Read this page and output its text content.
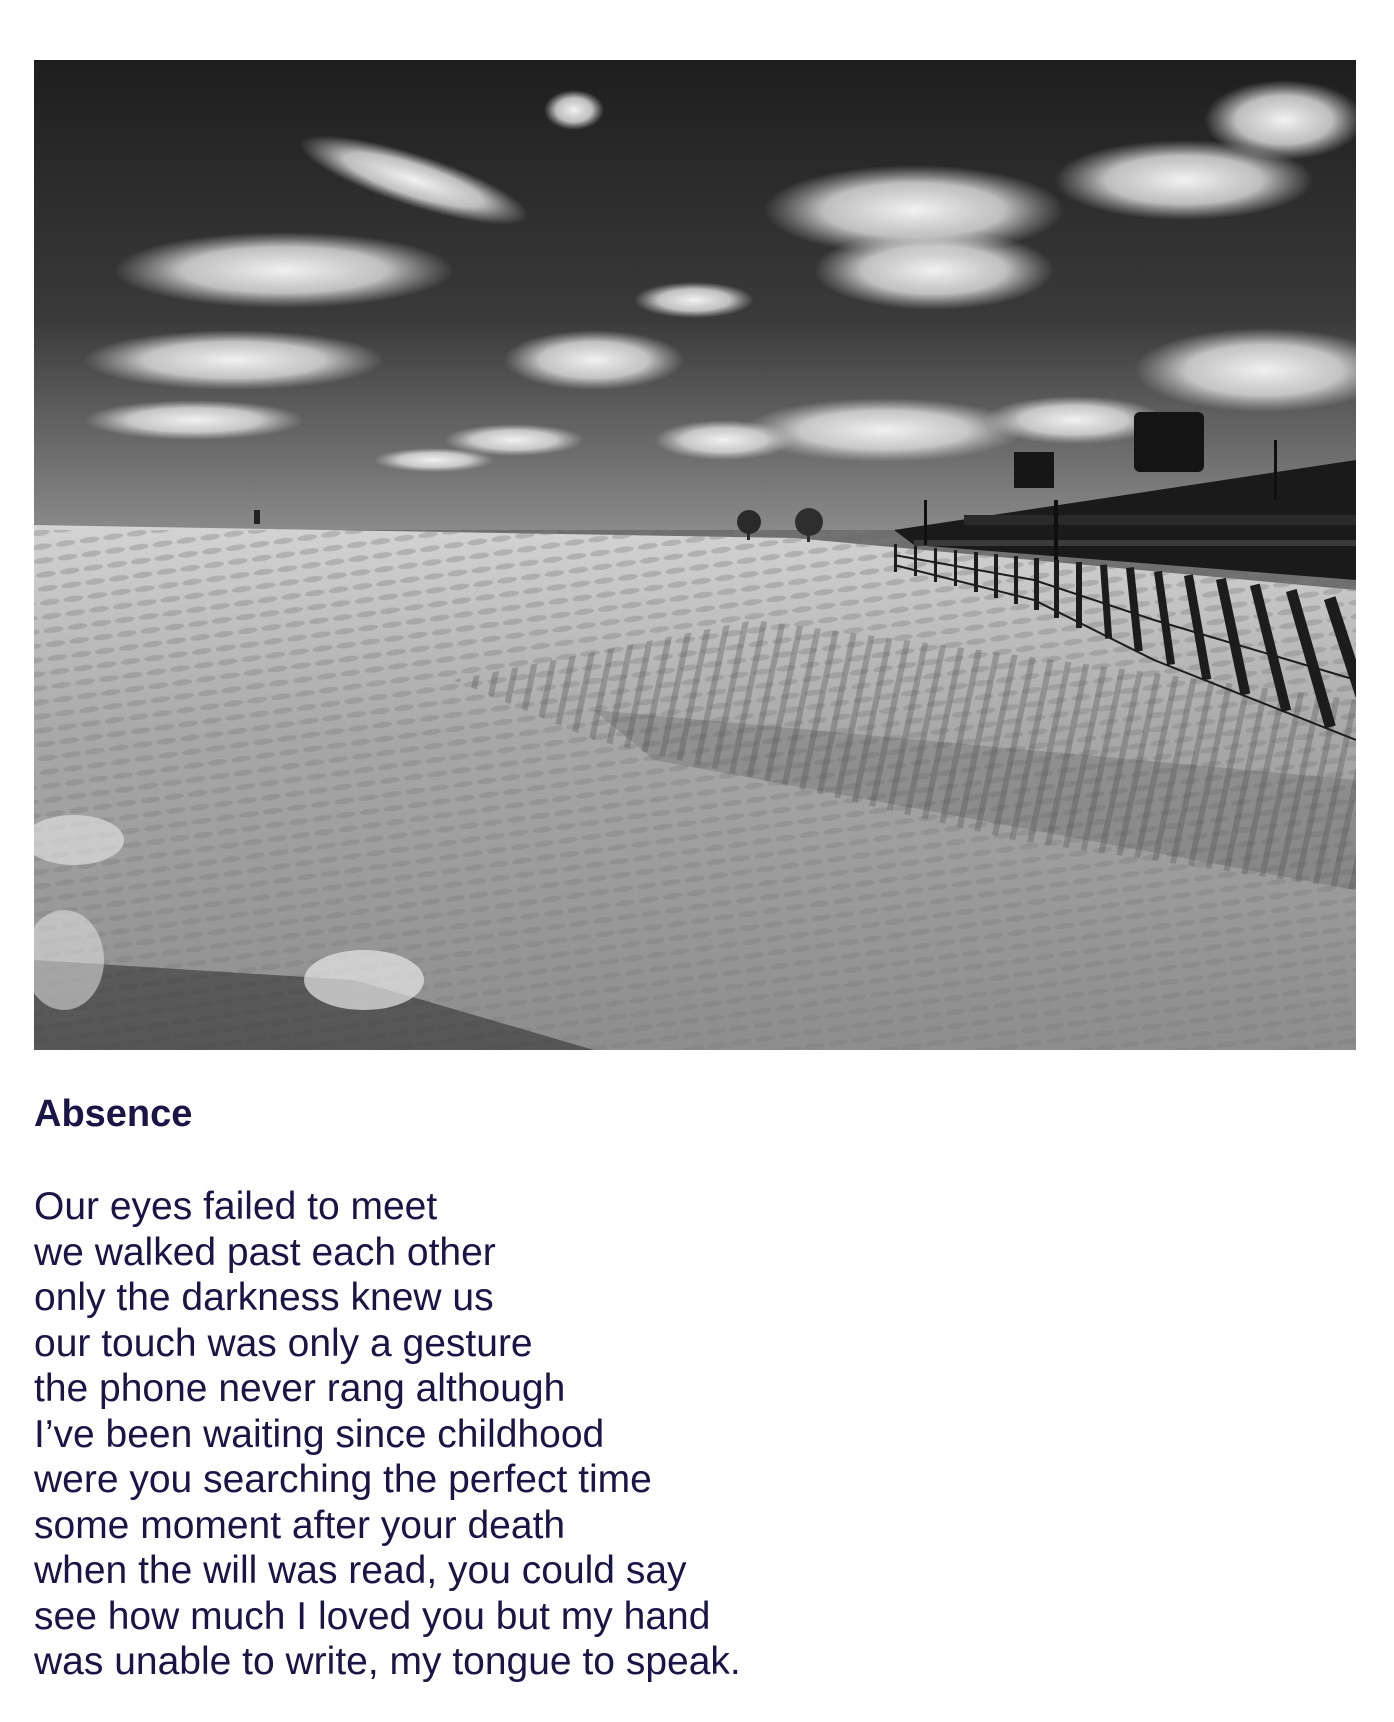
Absence
Our eyes failed to meet
we walked past each other
only the darkness knew us
our touch was only a gesture
the phone never rang although
I’ve been waiting since childhood
were you searching the perfect time
some moment after your death
when the will was read, you could say
see how much I loved you but my hand
was unable to write, my tongue to speak.
